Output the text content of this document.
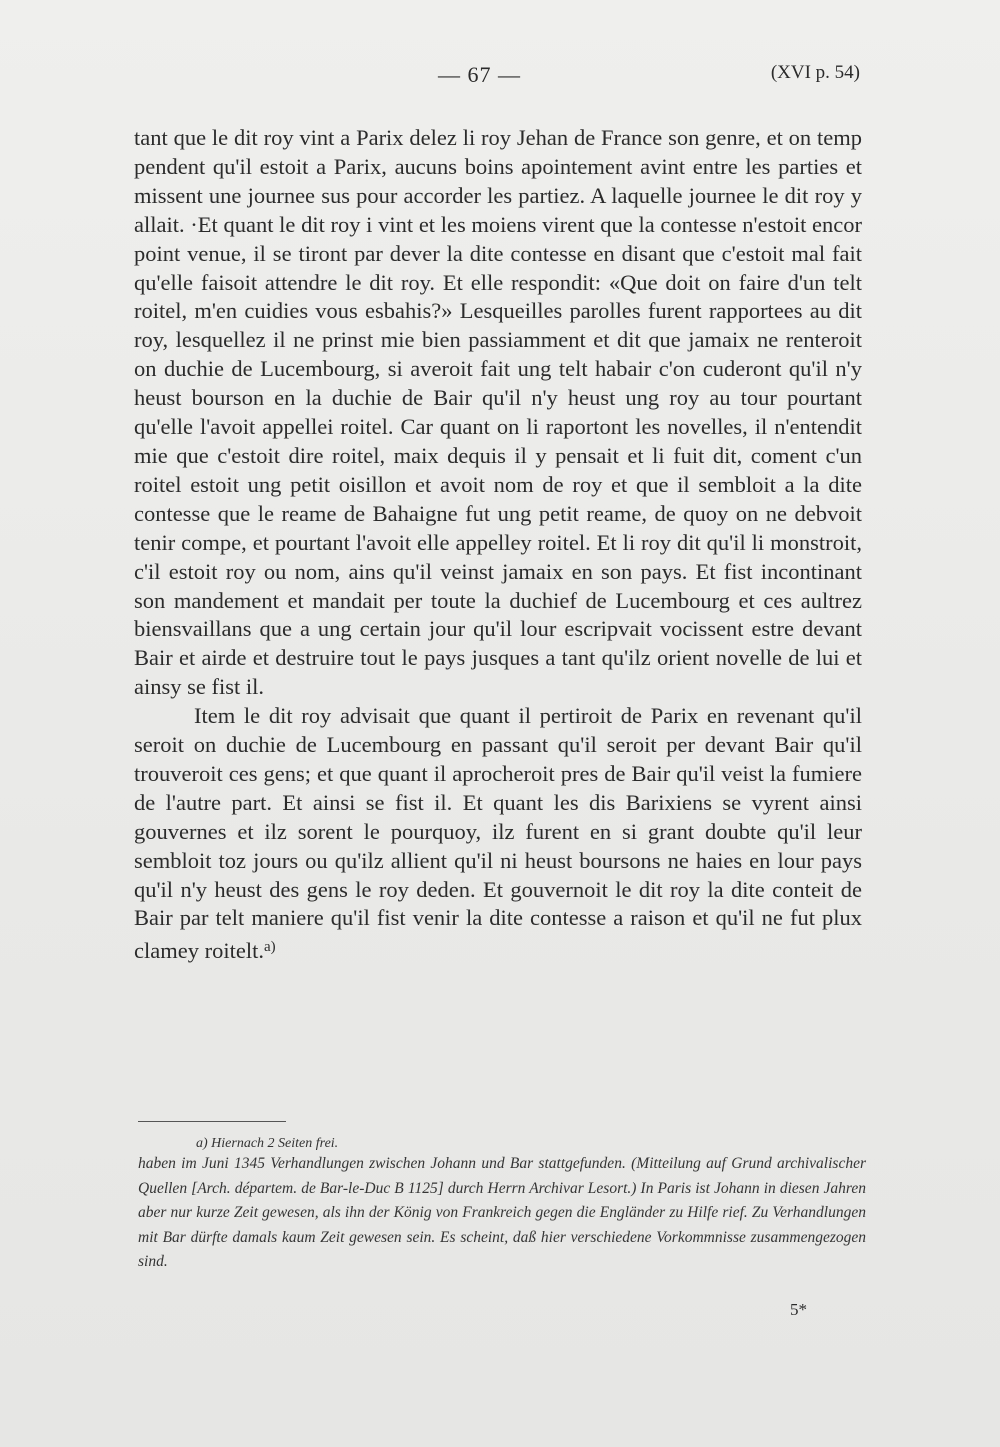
— 67 —	(XVI p. 54)

tant que le dit roy vint a Parix delez li roy Jehan de France son genre, et on temp pendent qu'il estoit a Parix, aucuns boins apointement avint entre les parties et missent une journee sus pour accorder les partiez. A laquelle journee le dit roy y allait. ·Et quant le dit roy i vint et les moiens virent que la contesse n'estoit encor point venue, il se tiront par dever la dite contesse en disant que c'estoit mal fait qu'elle faisoit attendre le dit roy. Et elle respondit: «Que doit on faire d'un telt roitel, m'en cuidies vous esbahis?» Lesqueilles parolles furent rapportees au dit roy, lesquellez il ne prinst mie bien passiamment et dit que jamaix ne renteroit on duchie de Lucembourg, si averoit fait ung telt habair c'on cuderont qu'il n'y heust bourson en la duchie de Bair qu'il n'y heust ung roy au tour pourtant qu'elle l'avoit appellei roitel. Car quant on li raportont les novelles, il n'entendit mie que c'estoit dire roitel, maix dequis il y pensait et li fuit dit, coment c'un roitel estoit ung petit oisillon et avoit nom de roy et que il sembloit a la dite contesse que le reame de Bahaigne fut ung petit reame, de quoy on ne debvoit tenir compe, et pourtant l'avoit elle appelley roitel. Et li roy dit qu'il li monstroit, c'il estoit roy ou nom, ains qu'il veinst jamaix en son pays. Et fist incontinant son mandement et mandait per toute la duchief de Lucembourg et ces aultrez biensvaillans que a ung certain jour qu'il lour escripvait vocissent estre devant Bair et airde et destruire tout le pays jusques a tant qu'ilz orient novelle de lui et ainsy se fist il.

Item le dit roy advisait que quant il pertiroit de Parix en revenant qu'il seroit on duchie de Lucembourg en passant qu'il seroit per devant Bair qu'il trouveroit ces gens; et que quant il aprocheroit pres de Bair qu'il veist la fumiere de l'autre part. Et ainsi se fist il. Et quant les dis Barixiens se vyrent ainsi gouvernes et ilz sorent le pourquoy, ilz furent en si grant doubte qu'il leur sembloit toz jours ou qu'ilz allient qu'il ni heust boursons ne haies en lour pays qu'il n'y heust des gens le roy deden. Et gouvernoit le dit roy la dite conteit de Bair par telt maniere qu'il fist venir la dite contesse a raison et qu'il ne fut plux clamey roitelt.$^{a)}$

a) Hiernach 2 Seiten frei.
haben im Juni 1345 Verhandlungen zwischen Johann und Bar stattgefunden. (Mitteilung auf Grund archivalischer Quellen [Arch. départem. de Bar-le-Duc B 1125] durch Herrn Archivar Lesort.) In Paris ist Johann in diesen Jahren aber nur kurze Zeit gewesen, als ihn der König von Frankreich gegen die Engländer zu Hilfe rief. Zu Verhandlungen mit Bar dürfte damals kaum Zeit gewesen sein. Es scheint, daß hier verschiedene Vorkommnisse zusammengezogen sind.
5*
